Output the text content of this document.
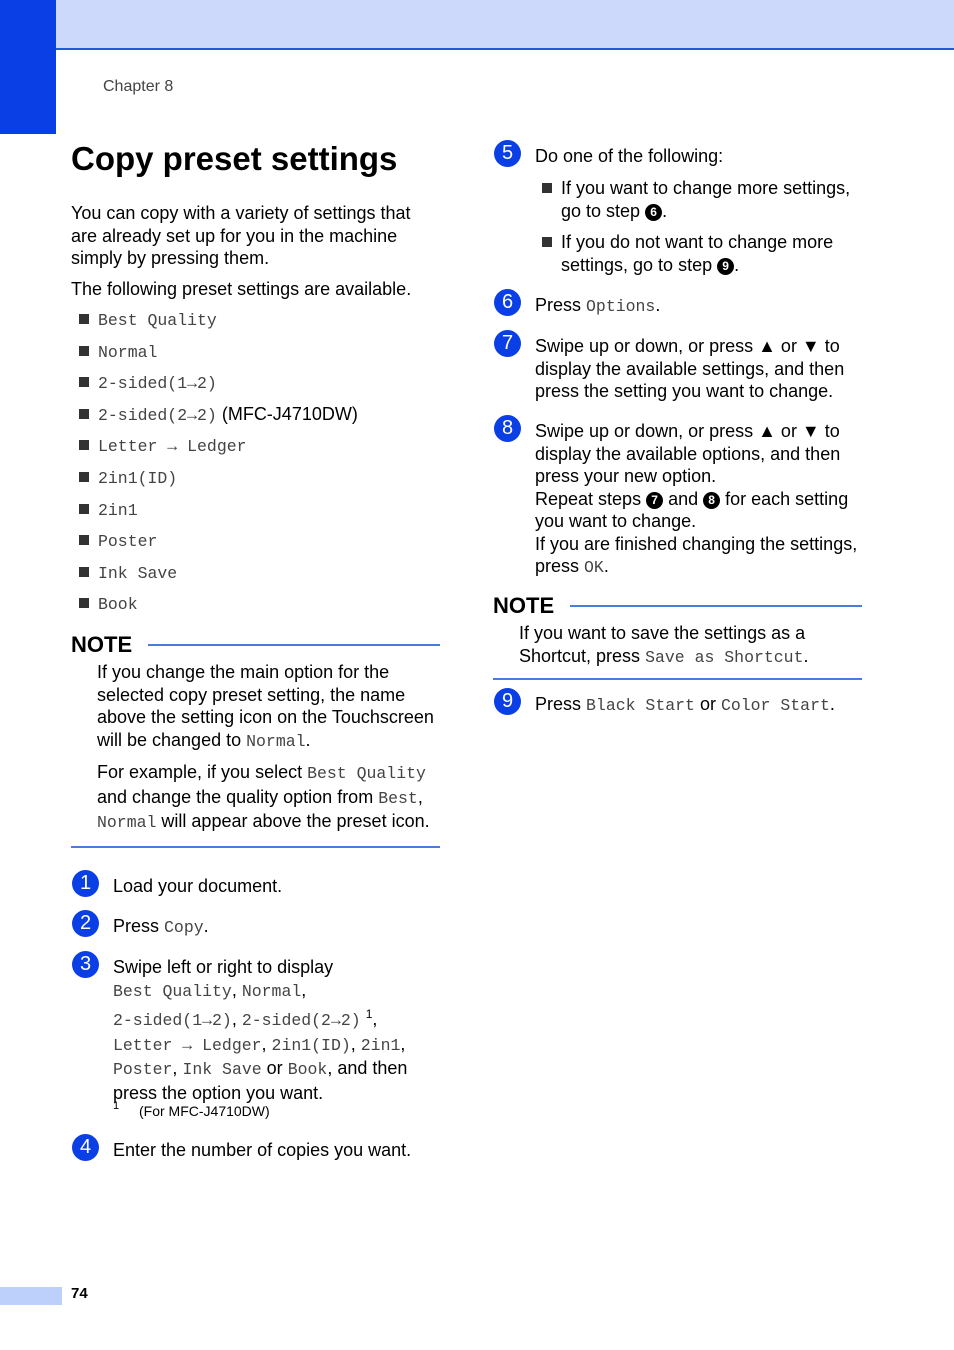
Chapter 8
Copy preset settings

You can copy with a variety of settings that are already set up for you in the machine simply by pressing them.

The following preset settings are available.

Best Quality
Normal
2-sided(1→2)
2-sided(2→2) (MFC-J4710DW)
Letter → Ledger
2in1(ID)
2in1
Poster
Ink Save
Book
NOTE
If you change the main option for the selected copy preset setting, the name above the setting icon on the Touchscreen will be changed to Normal.
For example, if you select Best Quality and change the quality option from Best, Normal will appear above the preset icon.
1	Load your document.
2	Press Copy.
3	Swipe left or right to display
Best Quality, Normal,
2-sided(1→2), 2-sided(2→2) $^1$,
Letter → Ledger, 2in1(ID), 2in1,
Poster, Ink Save or Book, and then
press the option you want.
$^1$ (For MFC-J4710DW)
4	Enter the number of copies you want.
5	Do one of the following:
If you want to change more settings, go to step 6 .
If you do not want to change more settings, go to step 9 .
6	Press Options.
7	Swipe up or down, or press ▲ or ▼ to display the available settings, and then press the setting you want to change.
8	Swipe up or down, or press ▲ or ▼ to display the available options, and then press your new option.
Repeat steps 7 and 8 for each setting you want to change.
If you are finished changing the settings, press OK.
NOTE
If you want to save the settings as a Shortcut, press Save as Shortcut.
9	Press Black Start or Color Start.
74
